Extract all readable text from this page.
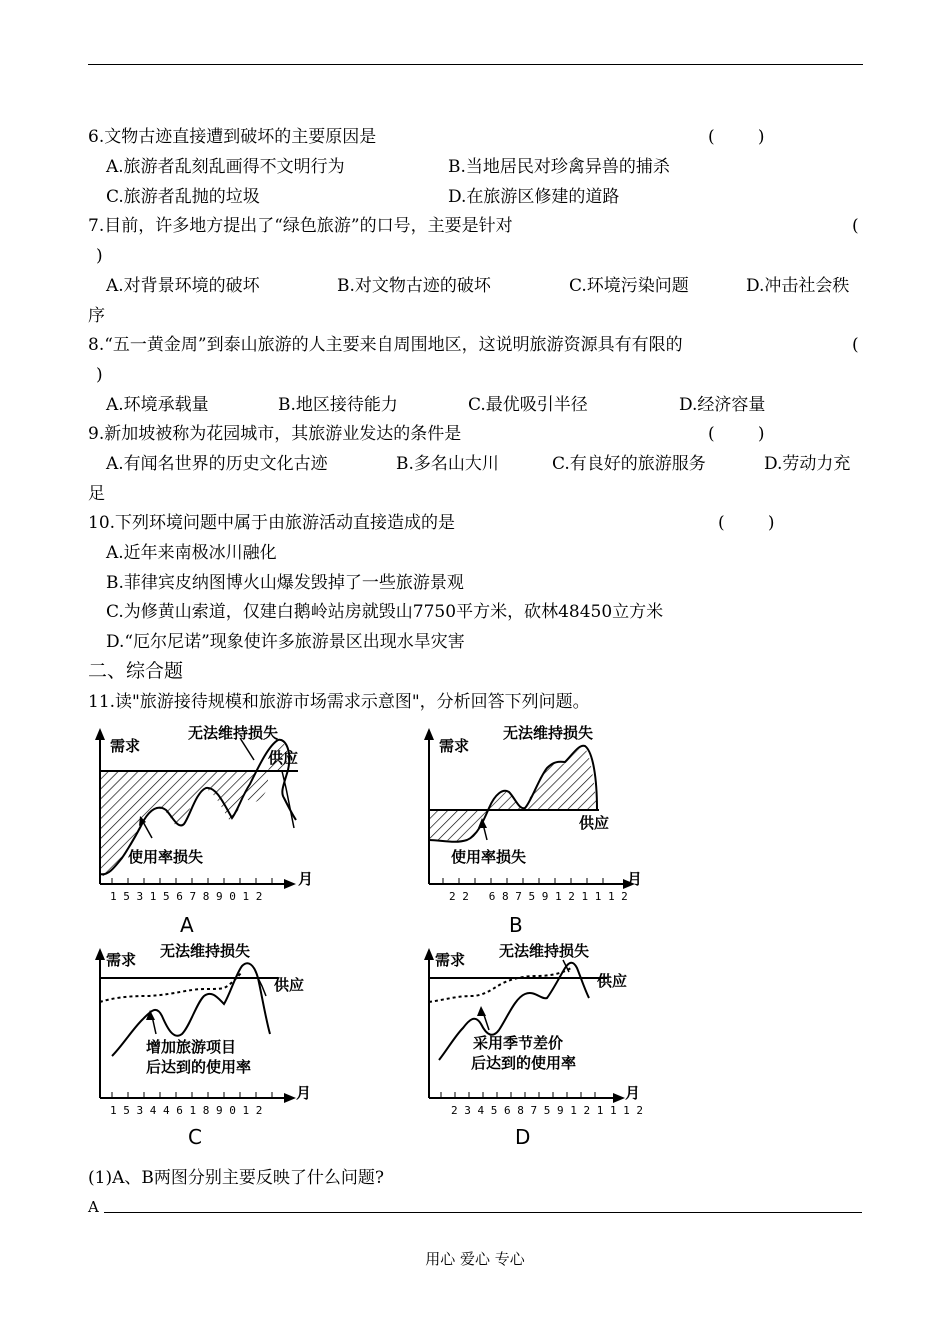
6.文物古迹直接遭到破坏的主要原因是	(        )
A.旅游者乱刻乱画得不文明行为	B.当地居民对珍禽异兽的捕杀
C.旅游者乱抛的垃圾	D.在旅游区修建的道路
7.目前，许多地方提出了“绿色旅游”的口号，主要是针对	(
)
A.对背景环境的破坏	B.对文物古迹的破坏	C.环境污染问题	D.冲击社会秩
序
8.“五一黄金周”到泰山旅游的人主要来自周围地区，这说明旅游资源具有有限的	(
)
A.环境承载量	B.地区接待能力	C.最优吸引半径	D.经济容量
9.新加坡被称为花园城市，其旅游业发达的条件是	(        )
A.有闻名世界的历史文化古迹	B.多名山大川	C.有良好的旅游服务	D.劳动力充
足
10.下列环境问题中属于由旅游活动直接造成的是	(        )
A.近年来南极冰川融化
B.菲律宾皮纳图博火山爆发毁掉了一些旅游景观
C.为修黄山索道，仅建白鹅岭站房就毁山7750平方米，砍林48450立方米
D.“厄尔尼诺”现象使许多旅游景区出现水旱灾害
二、综合题
11.读"旅游接待规模和旅游市场需求示意图"，分析回答下列问题。
需求
无法维持损失
供应
使用率损失
月
1 5 3 1 5 6 7 8 9 0 1 2
A
需求
无法维持损失
供应
使用率损失
月
2 2   6 8 7 5 9 1 2 1 1 1 2
B
需求 无法维持损失
供应
增加旅游项目
后达到的使用率
月
1 5 3 4 4 6 1 8 9 0 1 2
C
需求 无法维持损失
供应
采用季节差价
后达到的使用率
月
2 3 4 5 6 8 7 5 9 1 2 1 1 1 2
D
(1)A、B两图分别主要反映了什么问题?
A
用心 爱心 专心
